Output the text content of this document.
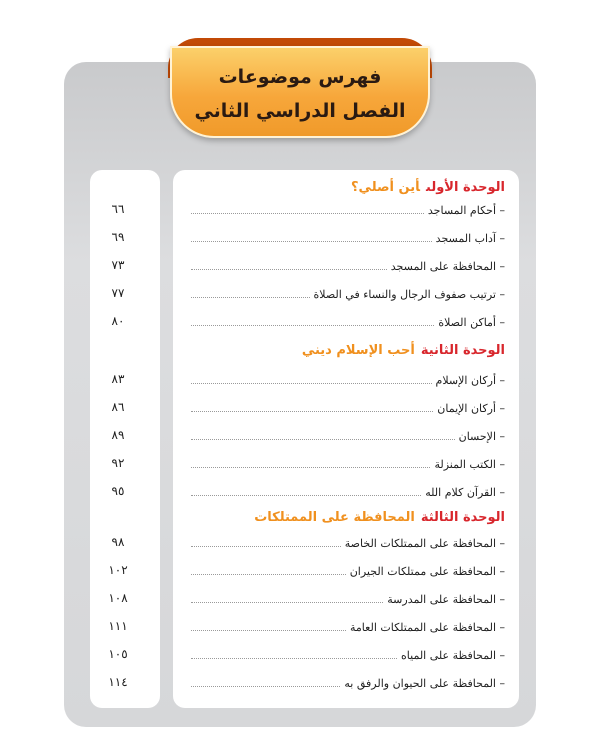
فهرس موضوعات
الفصل الدراسي الثاني
٦٦
٦٩
٧٣
٧٧
٨٠
٨٣
٨٦
٨٩
٩٢
٩٥
٩٨
١٠٢
١٠٨
١١١
١٠٥
١١٤
الوحدة الأولىأين أصلي؟
– أحكام المساجد
– آداب المسجد
– المحافظة على المسجد
– ترتيب صفوف الرجال والنساء في الصلاة
– أماكن الصلاة
الوحدة الثانيةأحب الإسلام ديني
– أركان الإسلام
– أركان الإيمان
– الإحسان
– الكتب المنزلة
– القرآن كلام الله
الوحدة الثالثةالمحافظة على الممتلكات
– المحافظة على الممتلكات الخاصة
– المحافظة على ممتلكات الجيران
– المحافظة على المدرسة
– المحافظة على الممتلكات العامة
– المحافظة على المياه
– المحافظة على الحيوان والرفق به
